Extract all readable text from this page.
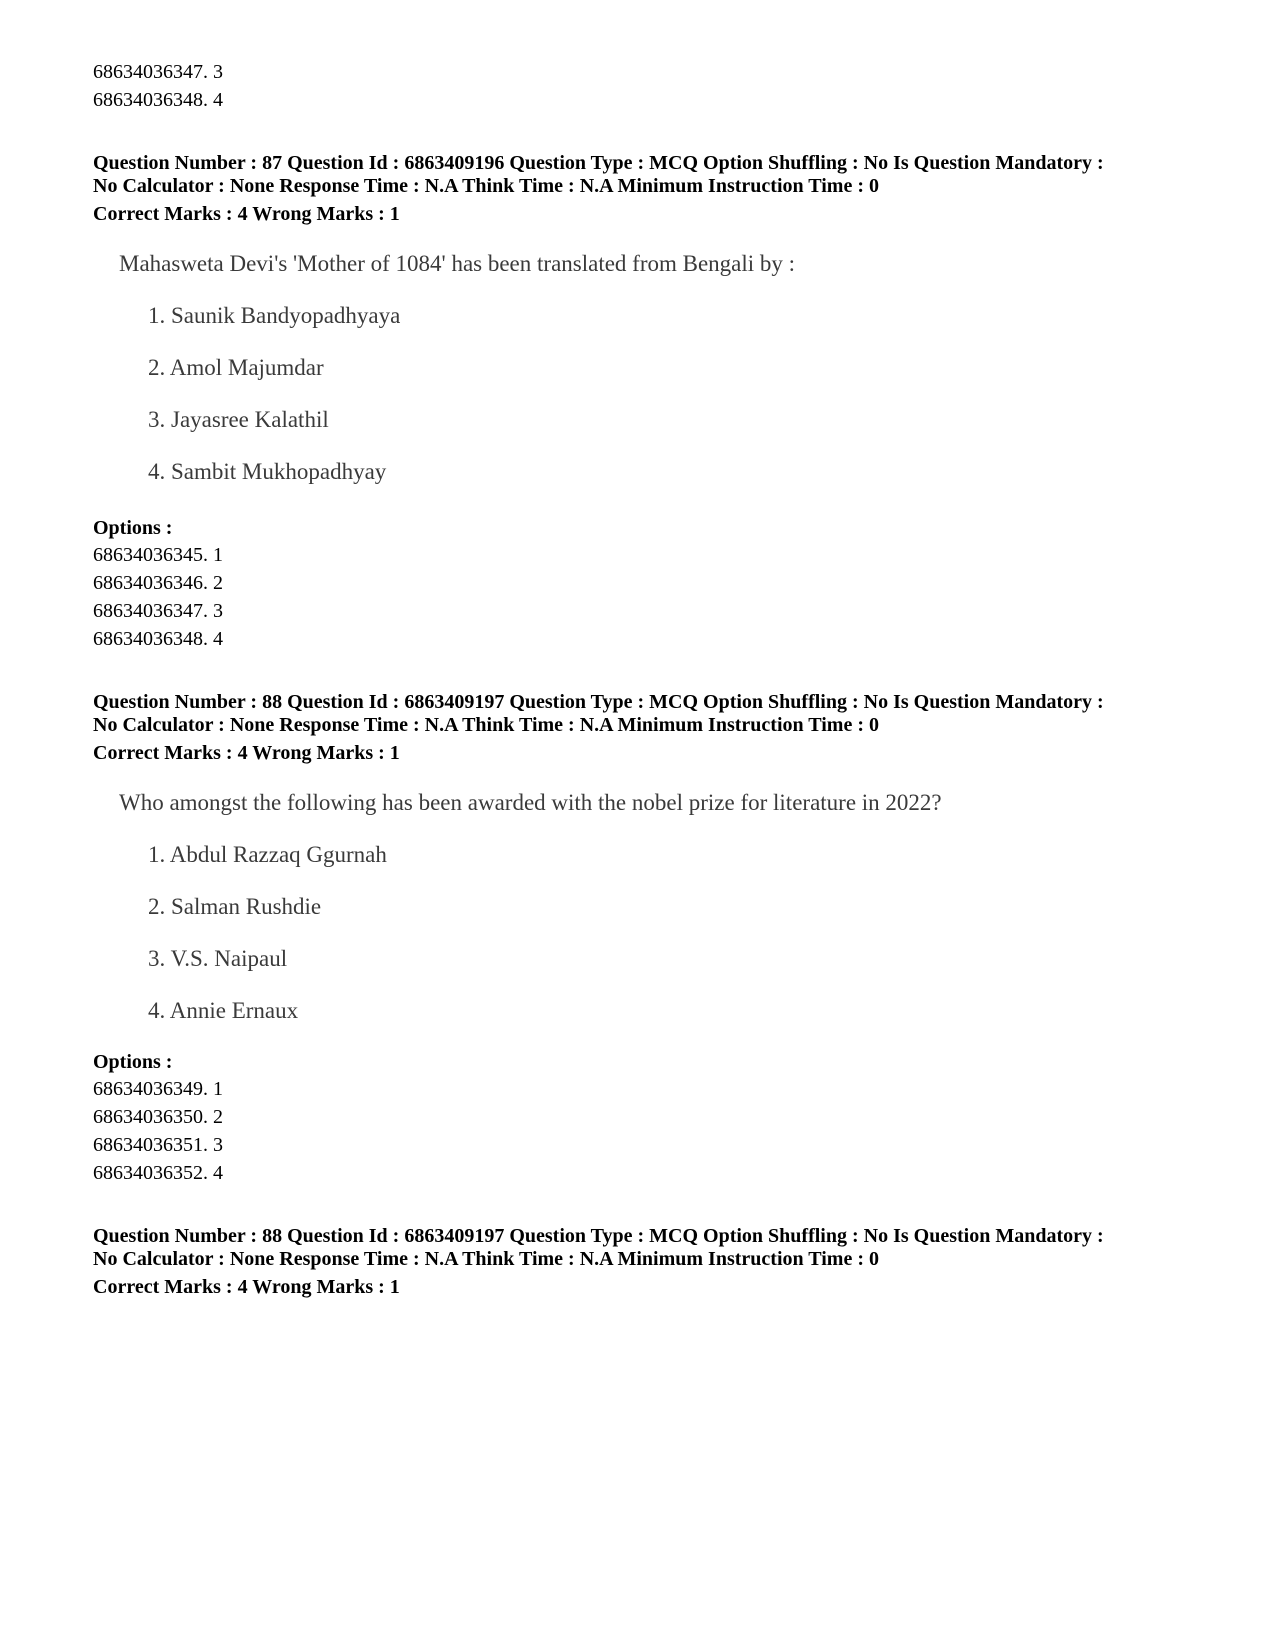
68634036347. 3
68634036348. 4
Question Number : 87 Question Id : 6863409196 Question Type : MCQ Option Shuffling : No Is Question Mandatory :
No Calculator : None Response Time : N.A Think Time : N.A Minimum Instruction Time : 0
Correct Marks : 4 Wrong Marks : 1
Mahasweta Devi's 'Mother of 1084' has been translated from Bengali by :
1. Saunik Bandyopadhyaya
2. Amol Majumdar
3. Jayasree Kalathil
4. Sambit Mukhopadhyay
Options :
68634036345. 1
68634036346. 2
68634036347. 3
68634036348. 4
Question Number : 88 Question Id : 6863409197 Question Type : MCQ Option Shuffling : No Is Question Mandatory :
No Calculator : None Response Time : N.A Think Time : N.A Minimum Instruction Time : 0
Correct Marks : 4 Wrong Marks : 1
Who amongst the following has been awarded with the nobel prize for literature in 2022?
1. Abdul Razzaq Ggurnah
2. Salman Rushdie
3. V.S. Naipaul
4. Annie Ernaux
Options :
68634036349. 1
68634036350. 2
68634036351. 3
68634036352. 4
Question Number : 88 Question Id : 6863409197 Question Type : MCQ Option Shuffling : No Is Question Mandatory :
No Calculator : None Response Time : N.A Think Time : N.A Minimum Instruction Time : 0
Correct Marks : 4 Wrong Marks : 1
